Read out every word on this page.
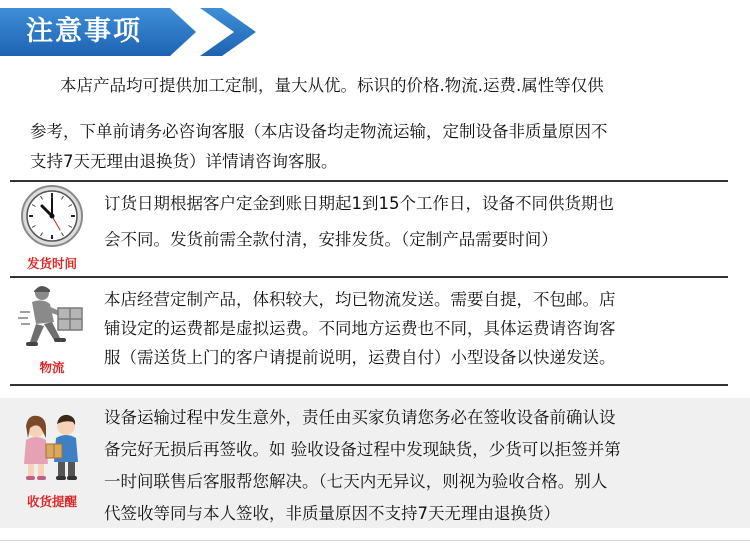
注意事项
本店产品均可提供加工定制，量大从优。标识的价格.物流.运费.属性等仅供
参考，下单前请务必咨询客服（本店设备均走物流运输，定制设备非质量原因不
支持7天无理由退换货）详情请咨询客服。
发货时间
订货日期根据客户定金到账日期起1到15个工作日，设备不同供货期也
会不同。发货前需全款付清，安排发货。（定制产品需要时间）
物流
本店经营定制产品，体积较大，均已物流发送。需要自提，不包邮。店
铺设定的运费都是虚拟运费。不同地方运费也不同，具体运费请咨询客
服（需送货上门的客户请提前说明，运费自付）小型设备以快递发送。
收货提醒
设备运输过程中发生意外，责任由买家负请您务必在签收设备前确认设
备完好无损后再签收。如 验收设备过程中发现缺货，少货可以拒签并第
一时间联售后客服帮您解决。（七天内无异议，则视为验收合格。别人
代签收等同与本人签收，非质量原因不支持7天无理由退换货）
